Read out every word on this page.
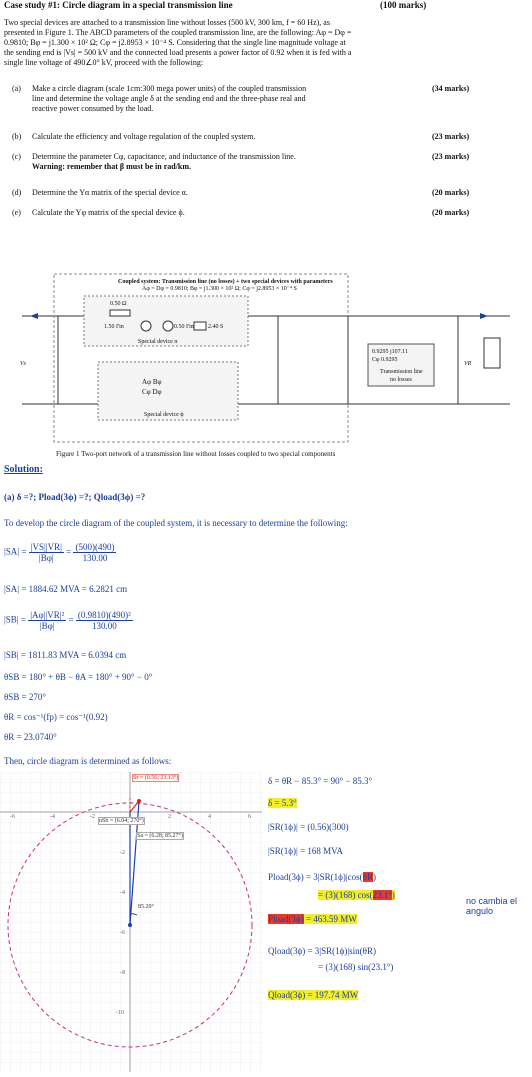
Case study #1: Circle diagram in a special transmission line	(100 marks)
Two special devices are attached to a transmission line without losses (500 kV, 300 km, f = 60 Hz), as
presented in Figure 1. The ABCD parameters of the coupled transmission line, are the following: Aφ = Dφ =
0.9810; Bφ = j1.300 × 10² Ω; Cφ = j2.8953 × 10⁻⁴ S. Considering that the single line magnitude voltage at
the sending end is |Vs| = 500 kV and the connected load presents a power factor of 0.92 when it is fed with a
single line voltage of 490∠0° kV, proceed with the following:
(a) Make a circle diagram (scale 1cm:300 mega power units) of the coupled transmission
line and determine the voltage angle δ at the sending end and the three-phase real and
reactive power consumed by the load.
(34 marks)
(b) Calculate the efficiency and voltage regulation of the coupled system.	(23 marks)
(c) Determine the parameter Cφ, capacitance, and inductance of the transmission line.
Warning: remember that β must be in rad/km.
(23 marks)
(d) Determine the Yα matrix of the special device α.	(20 marks)
(e) Calculate the Yφ matrix of the special device ϕ.	(20 marks)
Coupled system: Transmission line (no losses) + two special devices with parameters
Aφ = Dφ = 0.9810; Bφ = j1.300 × 10² Ω; Cφ = j2.8953 × 10⁻⁴ S
0.50 Ω
1.50 I'in	0.50 I'in 2.40 S
Special device α
Aφ Bφ
Cφ Dφ
Special device ϕ
0.9295 j107.11
Cφ 0.9295
Transmission line
no losses
Vs	VR
Figure 1 Two-port network of a transmission line without losses coupled to two special components
Solution:
(a) δ =?; Pload(3ϕ) =?; Qload(3ϕ) =?
To develop the circle diagram of the coupled system, it is necessary to determine the following:
$|SA| = \frac{|VS||VR|}{|B\varphi|} = \frac{(500)(490)}{130.00}$
|SA| = 1884.62 MVA = 6.2821 cm
$|SB| = \frac{\text{|Aφ||VR|²}}{|B\varphi|} = \frac{\text{(0.9810)(490)²}}{130.00}$
|SB| = 1811.83 MVA = 6.0394 cm
θSB = 180° + θB − θA = 180° + 90° − 0°
θSB = 270°
θR = cos⁻¹(fp) = cos⁻¹(0.92)
θR = 23.0740°
Then, circle diagram is determined as follows:
Sr = (0.56; 23.13°)
nSb = (6.04; 270°)
Sa = (6.28; 85.27°)
85.20°
-6	-4	-2	2	4	6
-2
-4
-6
-8
-10
δ = θR − 85.3° = 90° − 85.3°
δ = 5.3°
|SR(1ϕ)| = (0.56)(300)
|SR(1ϕ)| = 168 MVA
Pload(3ϕ) = 3|SR(1ϕ)|cos(θR)
= (3)(168) cos(23.1°)
Pload(3ϕ) = 463.59 MW
Qload(3ϕ) = 3|SR(1ϕ)|sin(θR)
= (3)(168) sin(23.1°)
Qload(3ϕ) = 197.74 MW
no cambia el
angulo
